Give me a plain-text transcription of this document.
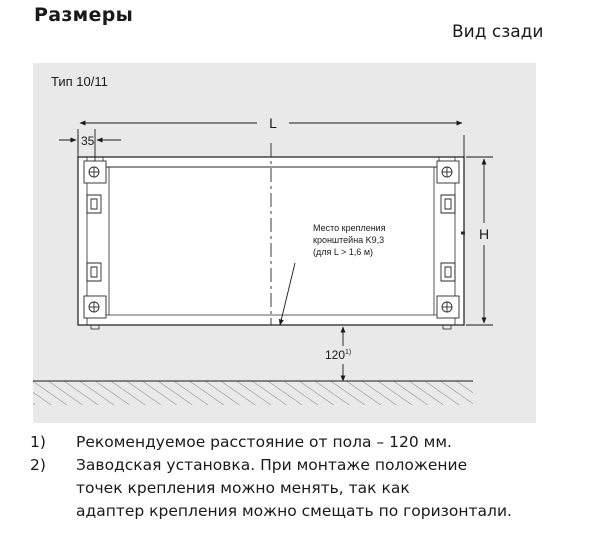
Размеры
Вид сзади
Тип 10/11
L
35
H
Место крепления
кронштейна K9,3
(для L > 1,6 м)
120$^{1)}$
1)	Рекомендуемое расстояние от пола – 120 мм.
2)	Заводская установка. При монтаже положение
точек крепления можно менять, так как
адаптер крепления можно смещать по горизонтали.
